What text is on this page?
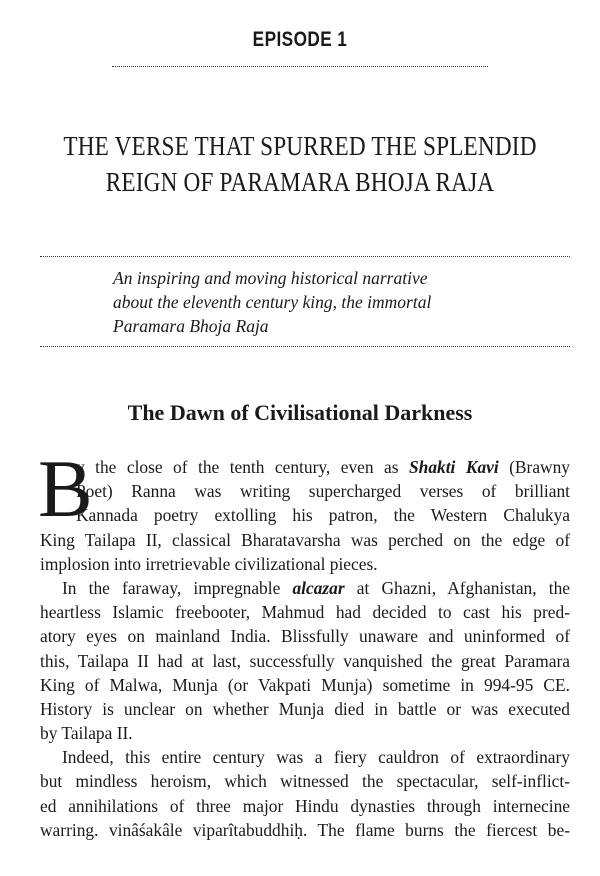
EPISODE 1
THE VERSE THAT SPURRED THE SPLENDID
REIGN OF PARAMARA BHOJA RAJA
An inspiring and moving historical narrative
about the eleventh century king, the immortal
Paramara Bhoja Raja
The Dawn of Civilisational Darkness
B
y the close of the tenth century, even as Shakti Kavi (Brawny
Poet) Ranna was writing supercharged verses of brilliant
Kannada poetry extolling his patron, the Western Chalukya
King Tailapa II, classical Bharatavarsha was perched on the edge of
implosion into irretrievable civilizational pieces.
In the faraway, impregnable alcazar at Ghazni, Afghanistan, the
heartless Islamic freebooter, Mahmud had decided to cast his pred-
atory eyes on mainland India. Blissfully unaware and uninformed of
this, Tailapa II had at last, successfully vanquished the great Paramara
King of Malwa, Munja (or Vakpati Munja) sometime in 994-95 CE.
History is unclear on whether Munja died in battle or was executed
by Tailapa II.
Indeed, this entire century was a fiery cauldron of extraordinary
but mindless heroism, which witnessed the spectacular, self-inflict-
ed annihilations of three major Hindu dynasties through internecine
warring. vinâśakâle viparîtabuddhiḥ. The flame burns the fiercest be-
